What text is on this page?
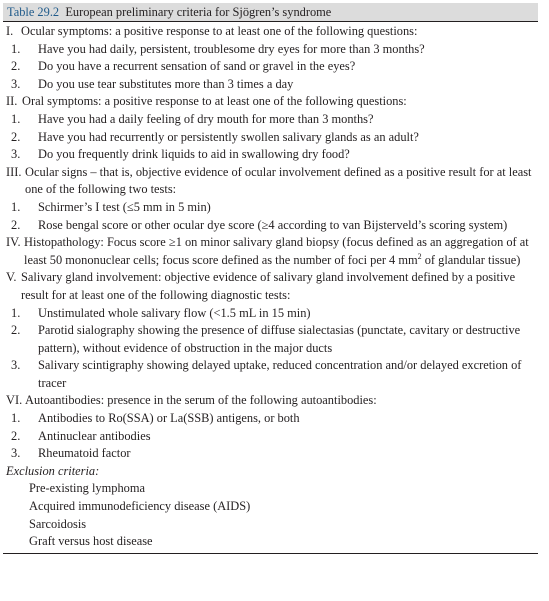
Table 29.2 European preliminary criteria for Sjögren’s syndrome
I. Ocular symptoms: a positive response to at least one of the following questions:
1. Have you had daily, persistent, troublesome dry eyes for more than 3 months?
2. Do you have a recurrent sensation of sand or gravel in the eyes?
3. Do you use tear substitutes more than 3 times a day
II. Oral symptoms: a positive response to at least one of the following questions:
1. Have you had a daily feeling of dry mouth for more than 3 months?
2. Have you had recurrently or persistently swollen salivary glands as an adult?
3. Do you frequently drink liquids to aid in swallowing dry food?
III. Ocular signs – that is, objective evidence of ocular involvement defined as a positive result for at least one of the following two tests:
1. Schirmer’s I test (≤5 mm in 5 min)
2. Rose bengal score or other ocular dye score (≥4 according to van Bijsterveld’s scoring system)
IV. Histopathology: Focus score ≥1 on minor salivary gland biopsy (focus defined as an aggregation of at least 50 mononuclear cells; focus score defined as the number of foci per 4 $mm^2$ of glandular tissue)
V. Salivary gland involvement: objective evidence of salivary gland involvement defined by a positive result for at least one of the following diagnostic tests:
1. Unstimulated whole salivary flow (<1.5 mL in 15 min)
2. Parotid sialography showing the presence of diffuse sialectasias (punctate, cavitary or destructive pattern), without evidence of obstruction in the major ducts
3. Salivary scintigraphy showing delayed uptake, reduced concentration and/or delayed excretion of tracer
VI. Autoantibodies: presence in the serum of the following autoantibodies:
1. Antibodies to Ro(SSA) or La(SSB) antigens, or both
2. Antinuclear antibodies
3. Rheumatoid factor
Exclusion criteria:
Pre-existing lymphoma
Acquired immunodeficiency disease (AIDS)
Sarcoidosis
Graft versus host disease
